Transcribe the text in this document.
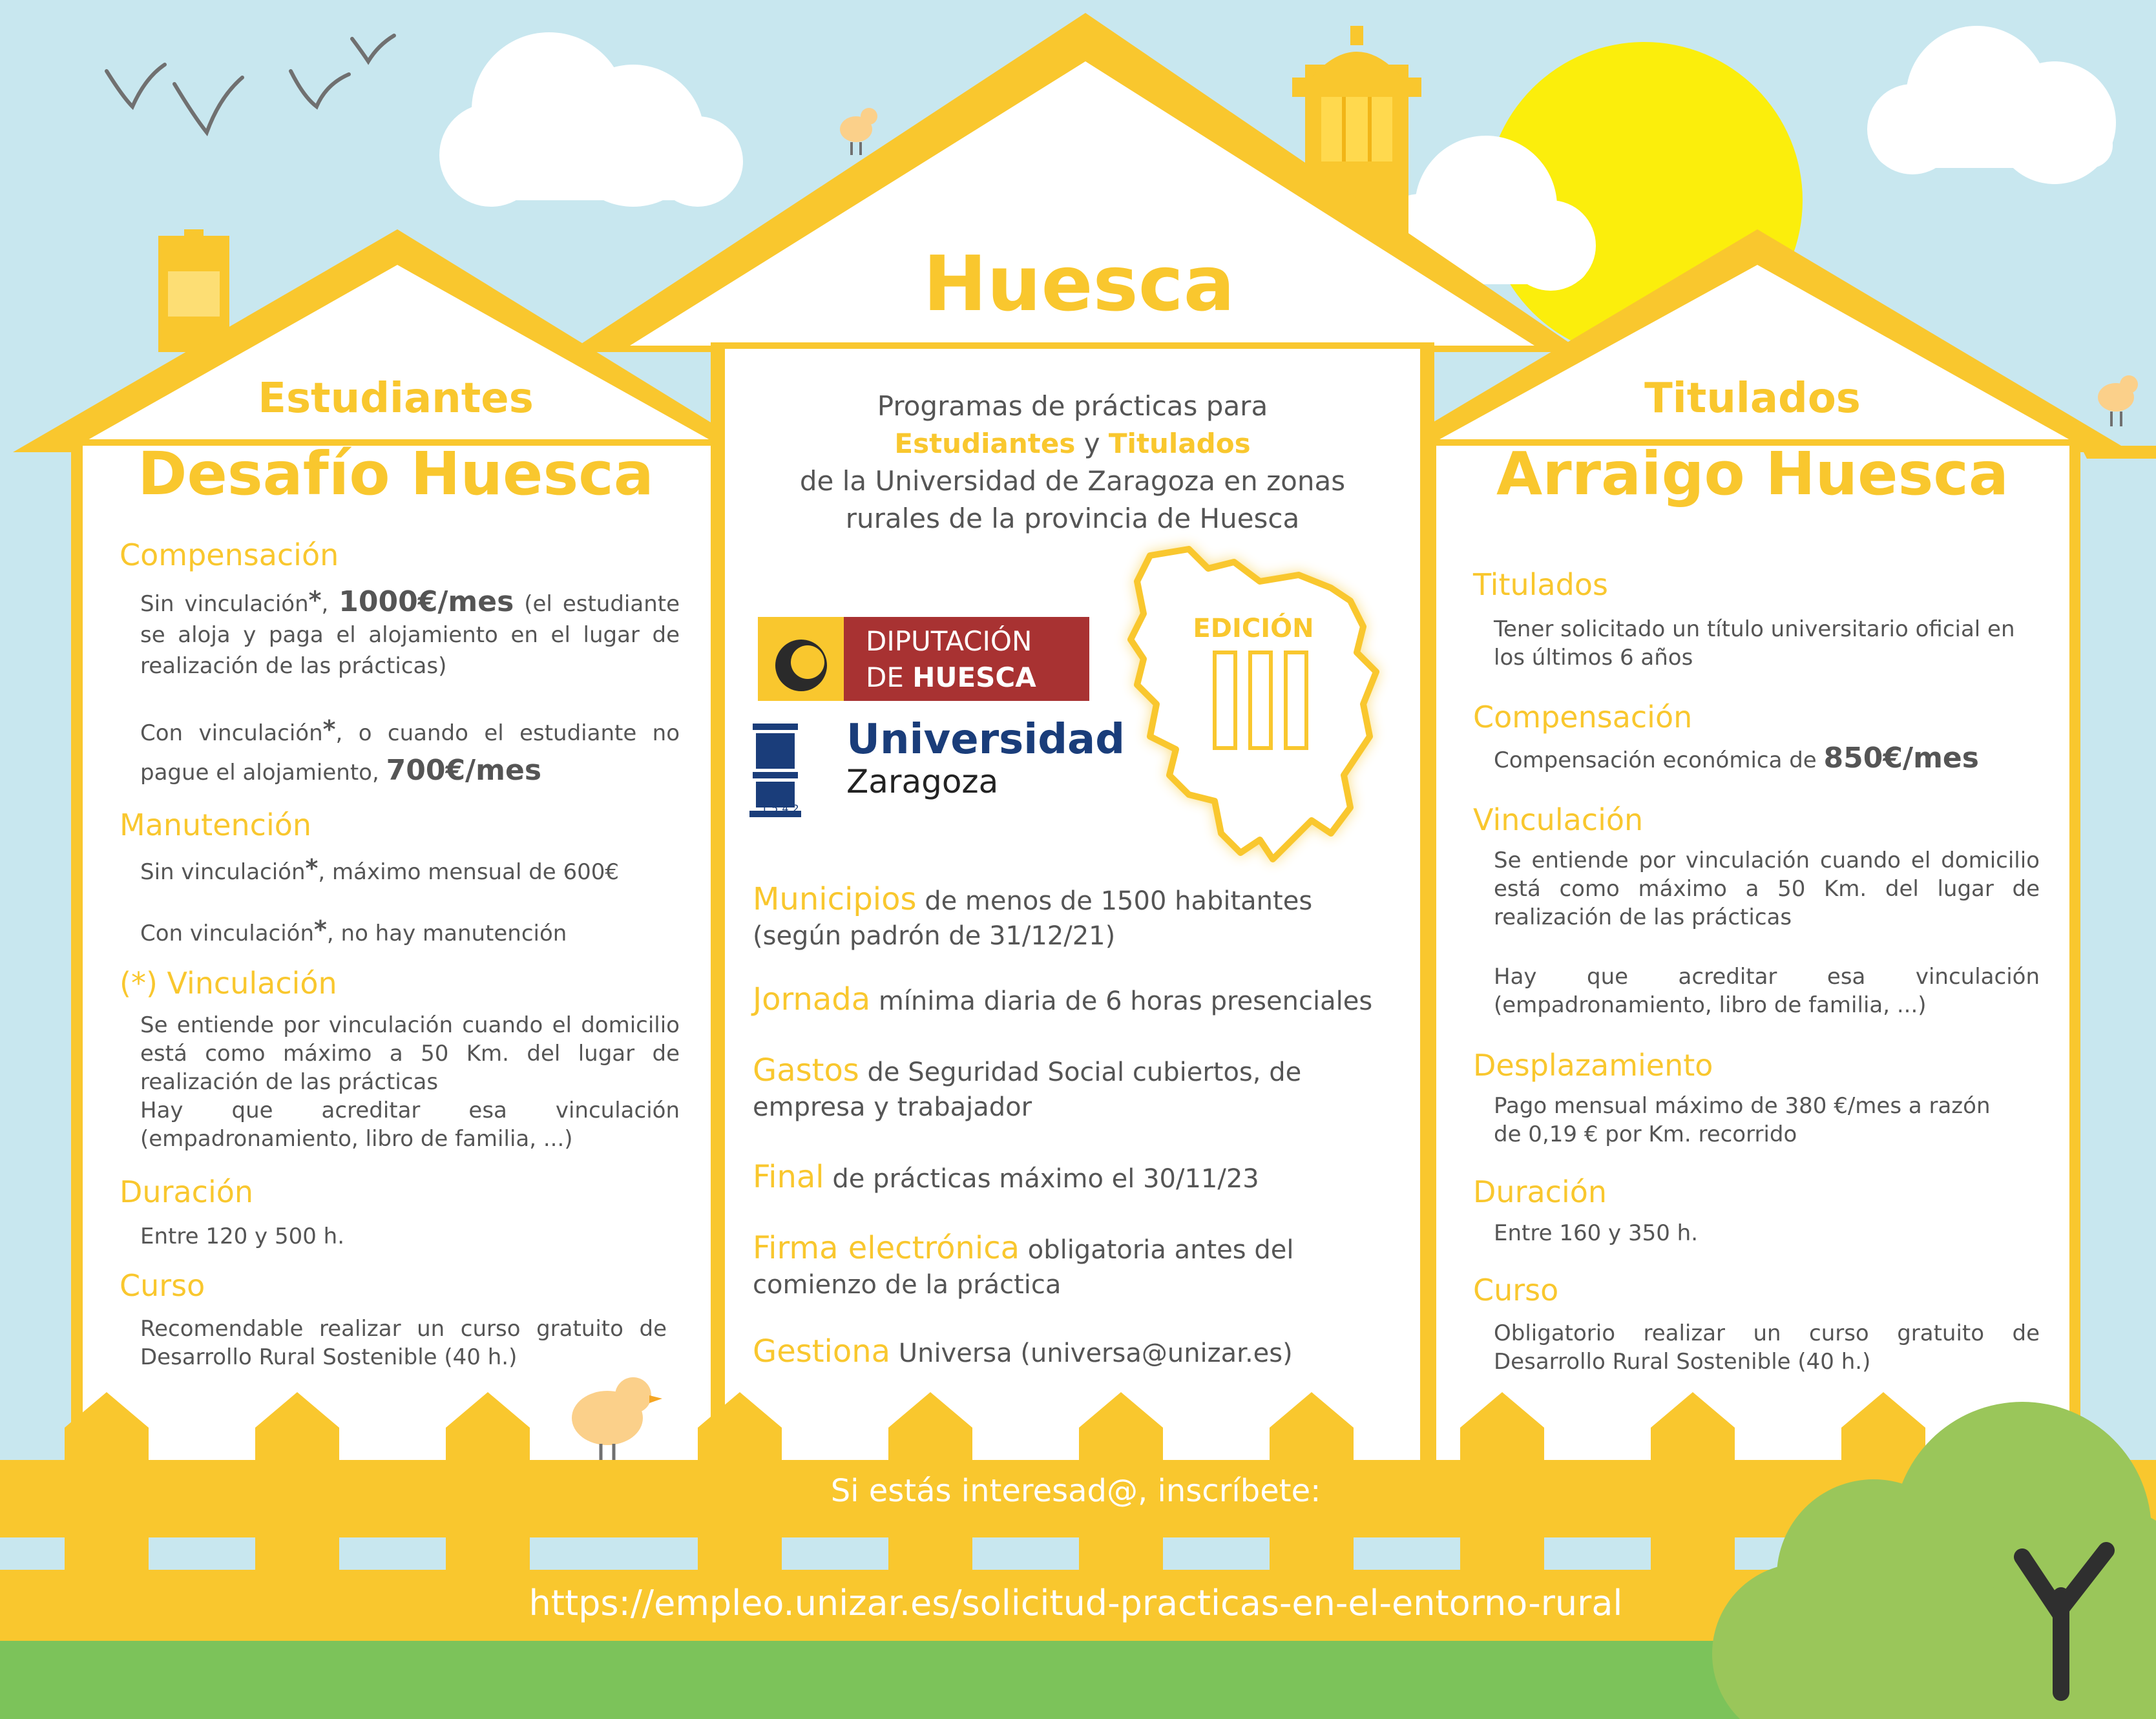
Huesca
Programas de prácticas para
Estudiantes y Titulados
de la Universidad de Zaragoza en zonas
rurales de la provincia de Huesca
DIPUTACIÓN
DE HUESCA
Universidad
Zaragoza
1542
EDICIÓN
Municipios de menos de 1500 habitantes
(según padrón de 31/12/21)
Jornada mínima diaria de 6 horas presenciales
Gastos de Seguridad Social cubiertos, de
empresa y trabajador
Final de prácticas máximo el 30/11/23
Firma electrónica obligatoria antes del
comienzo de la práctica
Gestiona Universa (universa@unizar.es)
Estudiantes
Desafío Huesca
Compensación
Sin vinculación*, 1000€/mes (el estudiante se aloja y paga el alojamiento en el lugar de realización de las prácticas)
Con vinculación*, o cuando el estudiante no pague el alojamiento, 700€/mes
Manutención
Sin vinculación*, máximo mensual de 600€
Con vinculación*, no hay manutención
(*) Vinculación
Se entiende por vinculación cuando el domicilio está como máximo a 50 Km. del lugar de realización de las prácticas
Hay que acreditar esa vinculación (empadronamiento, libro de familia, ...)
Duración
Entre 120 y 500 h.
Curso
Recomendable realizar un curso gratuito de Desarrollo Rural Sostenible (40 h.)
Titulados
Arraigo Huesca
Titulados
Tener solicitado un título universitario oficial en los últimos 6 años
Compensación
Compensación económica de 850€/mes
Vinculación
Se entiende por vinculación cuando el domicilio está como máximo a 50 Km. del lugar de realización de las prácticas
Hay que acreditar esa vinculación (empadronamiento, libro de familia, ...)
Desplazamiento
Pago mensual máximo de 380 €/mes a razón de 0,19 € por Km. recorrido
Duración
Entre 160 y 350 h.
Curso
Obligatorio realizar un curso gratuito de Desarrollo Rural Sostenible (40 h.)
Si estás interesad@, inscríbete:
https://empleo.unizar.es/solicitud-practicas-en-el-entorno-rural
